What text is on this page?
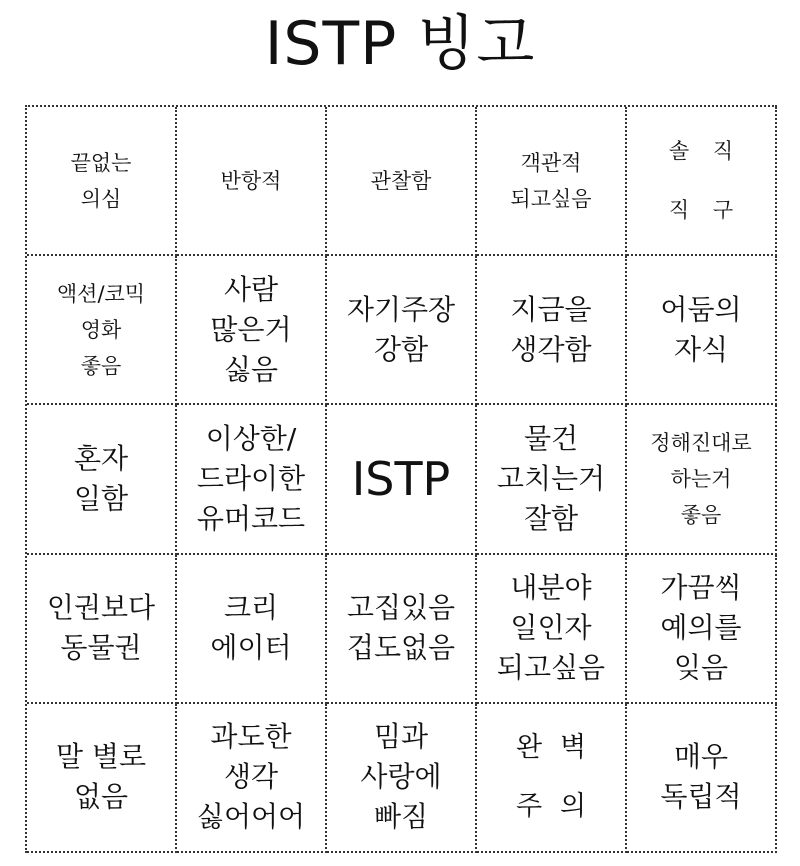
ISTP 빙고
끝없는
의심
반항적	관찰함
객관적
되고싶음
솔 직
직 구
액션/코믹
영화
좋음
사람
많은거
싫음
자기주장
강함
지금을
생각함
어둠의
자식
혼자
일함
이상한/
드라이한
유머코드
ISTP
물건
고치는거
잘함
정해진대로
하는거
좋음
인권보다
동물권
크리
에이터
고집있음
겁도없음
내분야
일인자
되고싶음
가끔씩
예의를
잊음
말 별로
없음
과도한
생각
싫어어어
밈과
사랑에
빠짐
완 벽
주 의
매우
독립적
